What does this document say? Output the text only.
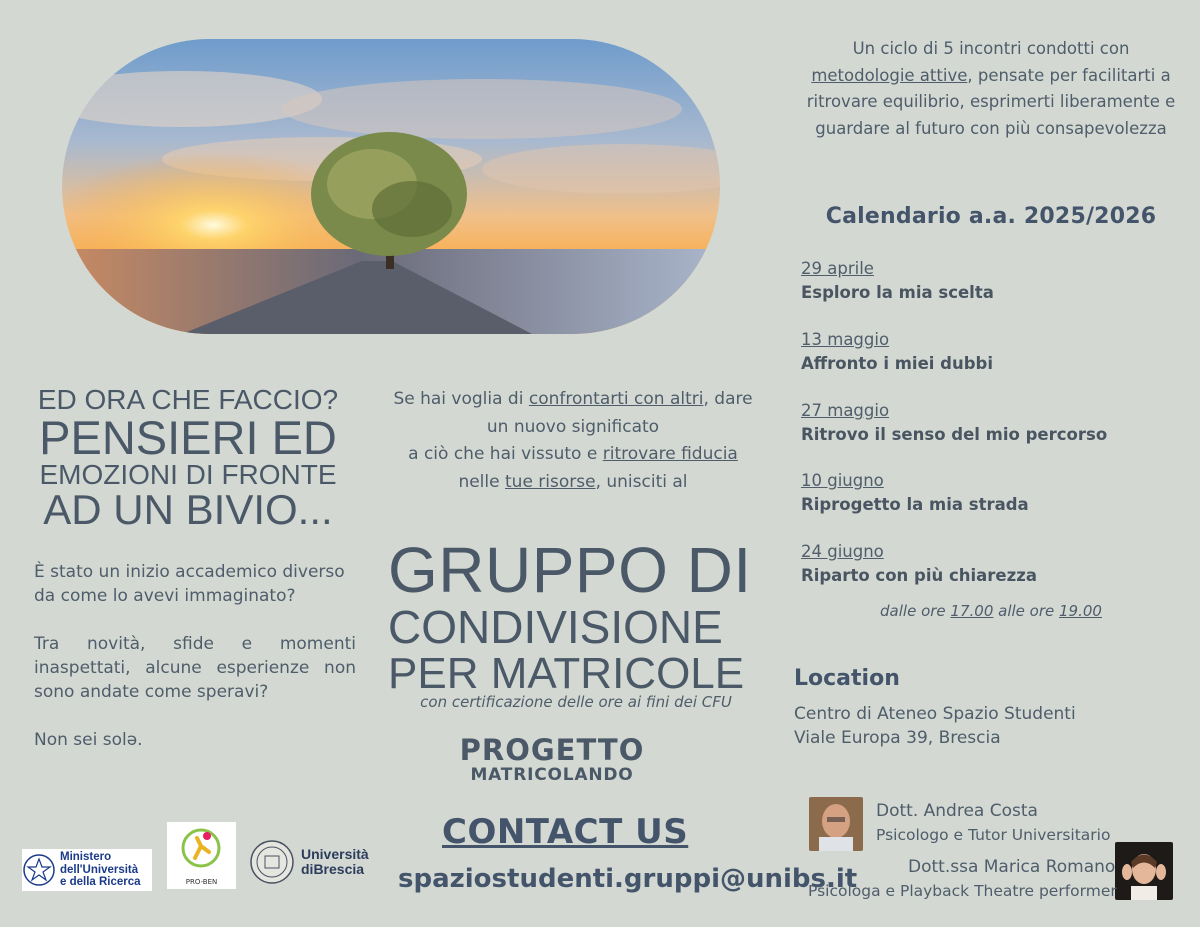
Un ciclo di 5 incontri condotti con
metodologie attive, pensate per facilitarti a
ritrovare equilibrio, esprimerti liberamente e
guardare al futuro con più consapevolezza
Calendario a.a. 2025/2026
29 aprile
Esploro la mia scelta
13 maggio
Affronto i miei dubbi
27 maggio
Ritrovo il senso del mio percorso
10 giugno
Riprogetto la mia strada
24 giugno
Riparto con più chiarezza
dalle ore 17.00 alle ore 19.00
Location
Centro di Ateneo Spazio Studenti
Viale Europa 39, Brescia
ED ORA CHE FACCIO?
PENSIERI ED
EMOZIONI DI FRONTE
AD UN BIVIO...

È stato un inizio accademico diverso da come lo avevi immaginato?

Tra novità, sfide e momenti inaspettati, alcune esperienze non sono andate come speravi?

Non sei solə.

Se hai voglia di confrontarti con altri, dare
un nuovo significato
a ciò che hai vissuto e ritrovare fiducia
nelle tue risorse, unisciti al
GRUPPO DI
CONDIVISIONE
PER MATRICOLE
con certificazione delle ore ai fini dei CFU
PROGETTO
MATRICOLANDO
CONTACT US
spaziostudenti.gruppi@unibs.it
Dott. Andrea Costa
Psicologo e Tutor Universitario
Dott.ssa Marica Romano
Psicologa e Playback Theatre performer
Ministero
dell'Università
e della Ricerca	PRO-BEN
Università
diBrescia
